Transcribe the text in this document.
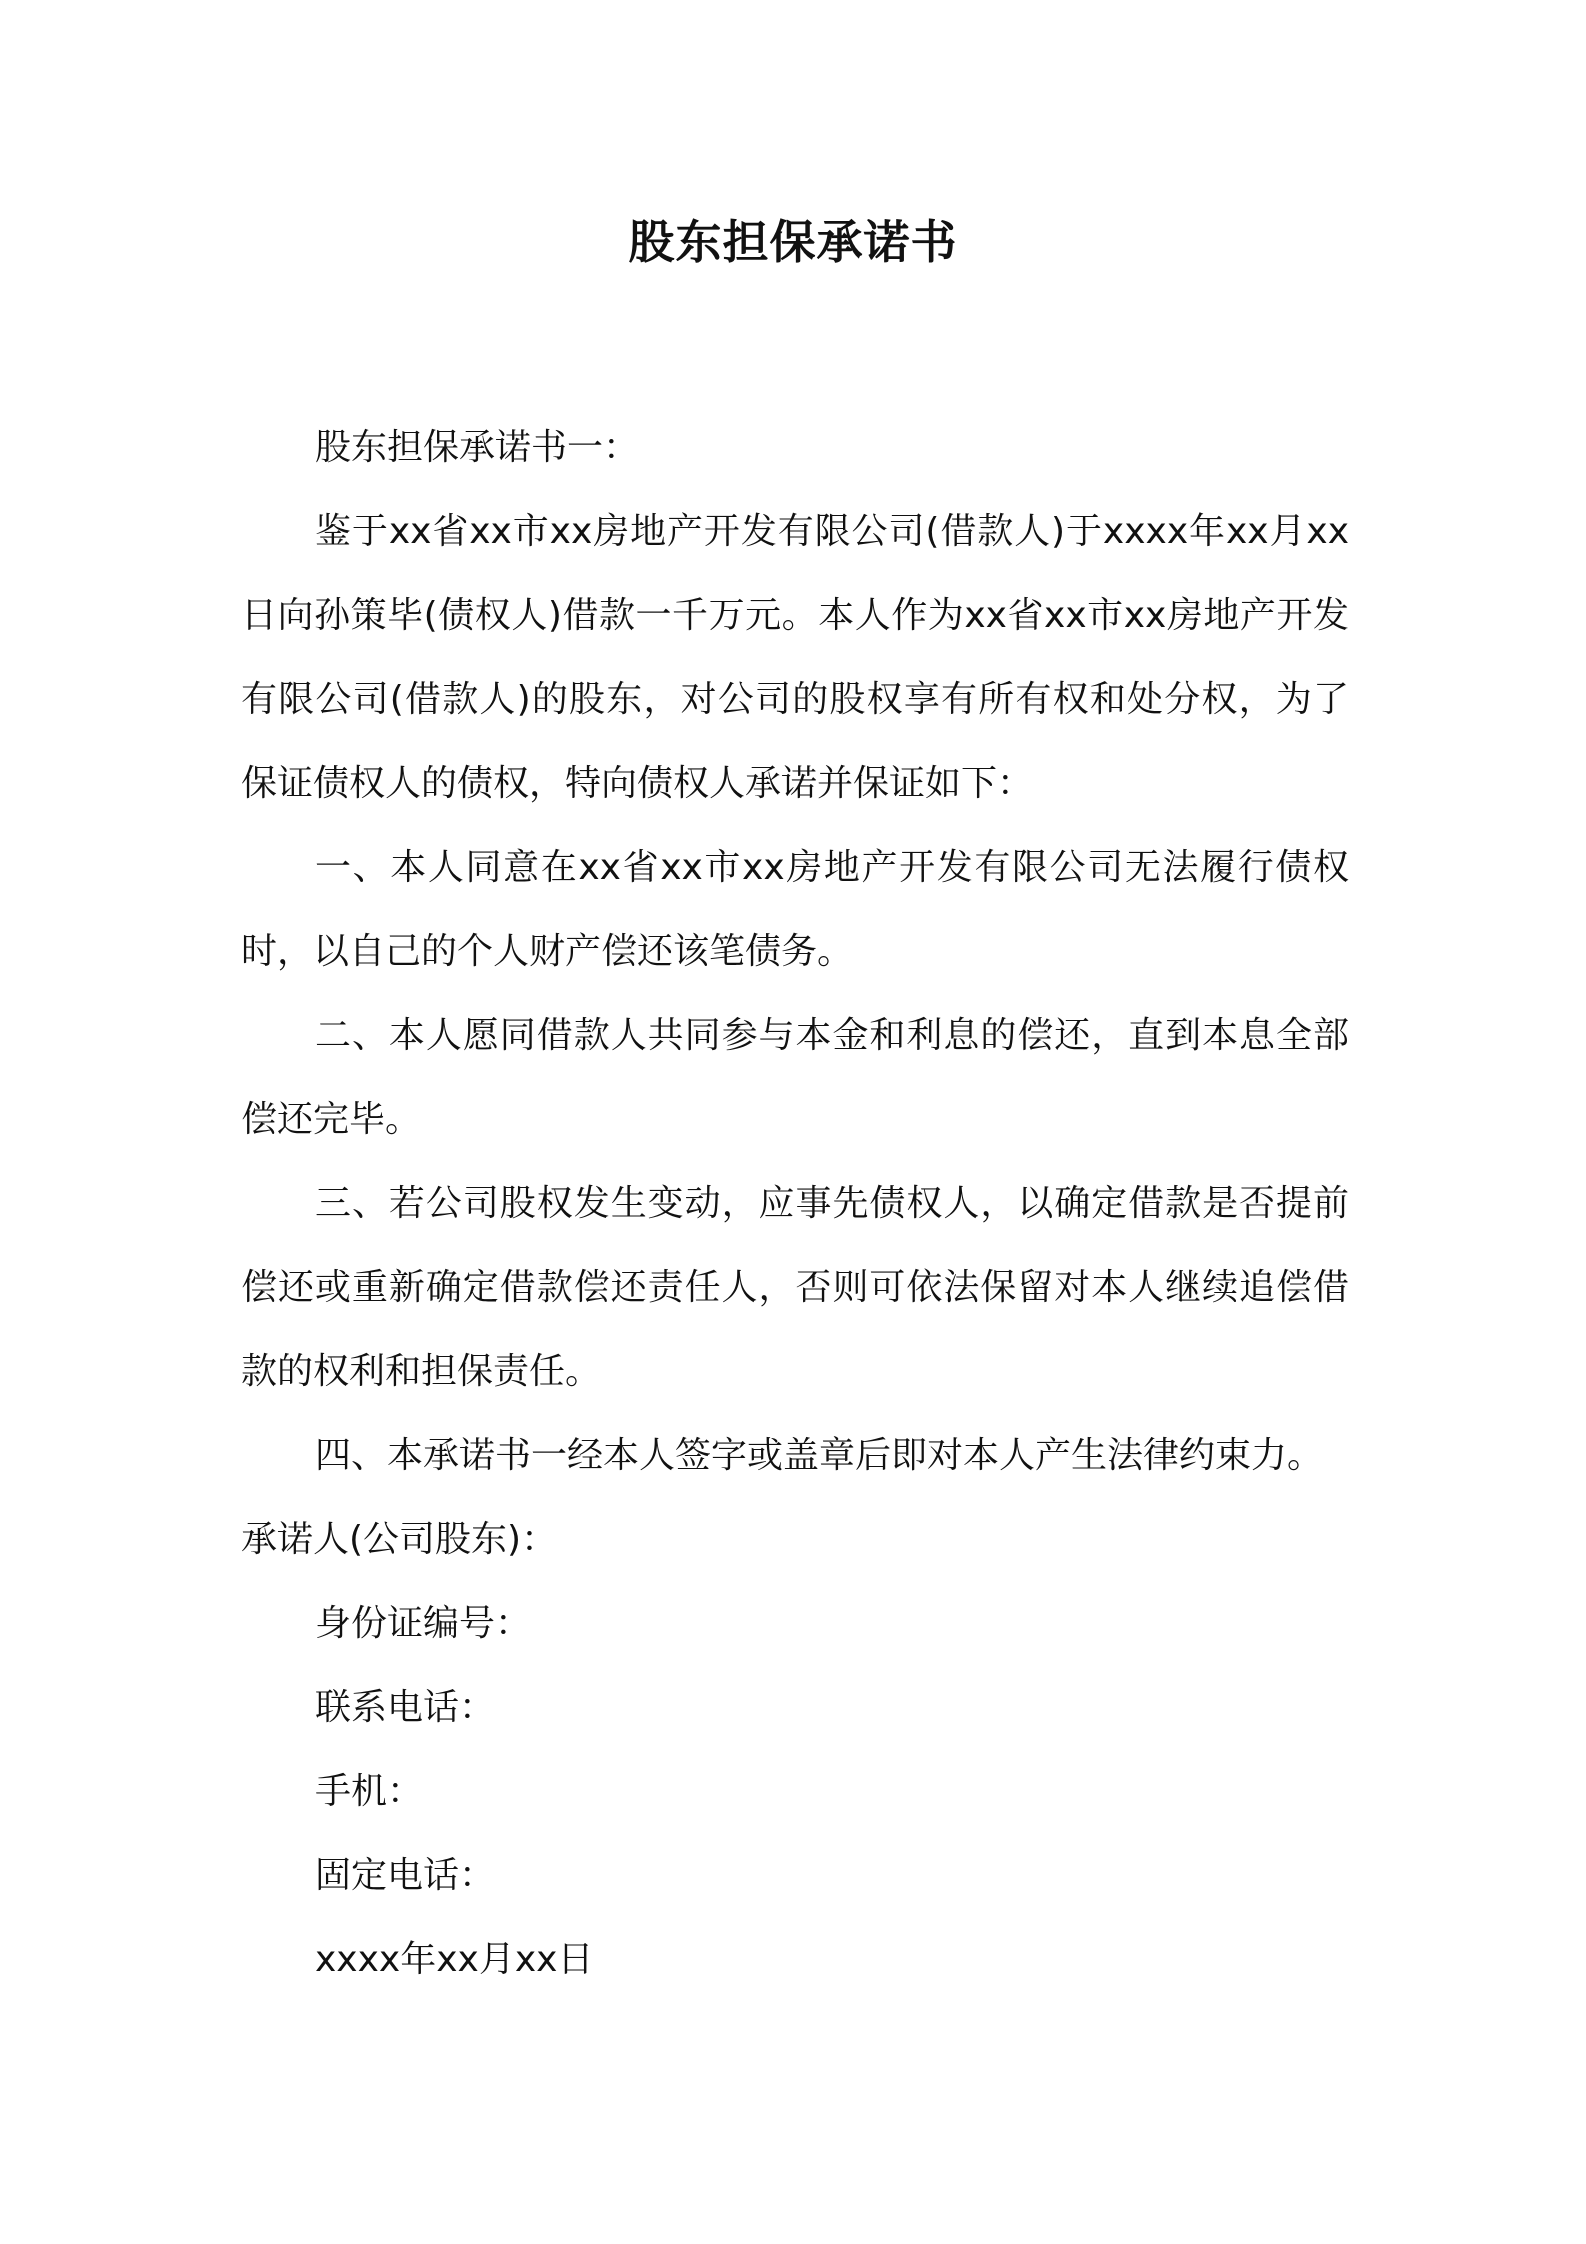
股东担保承诺书

股东担保承诺书一：

鉴于xx省xx市xx房地产开发有限公司(借款人)于xxxx年xx月xx日向孙策毕(债权人)借款一千万元。本人作为xx省xx市xx房地产开发有限公司(借款人)的股东，对公司的股权享有所有权和处分权，为了保证债权人的债权，特向债权人承诺并保证如下：

一、本人同意在xx省xx市xx房地产开发有限公司无法履行债权时，以自己的个人财产偿还该笔债务。

二、本人愿同借款人共同参与本金和利息的偿还，直到本息全部偿还完毕。

三、若公司股权发生变动，应事先债权人，以确定借款是否提前偿还或重新确定借款偿还责任人，否则可依法保留对本人继续追偿借款的权利和担保责任。

四、本承诺书一经本人签字或盖章后即对本人产生法律约束力。

承诺人(公司股东)：

身份证编号：

联系电话：

手机：

固定电话：

xxxx年xx月xx日
